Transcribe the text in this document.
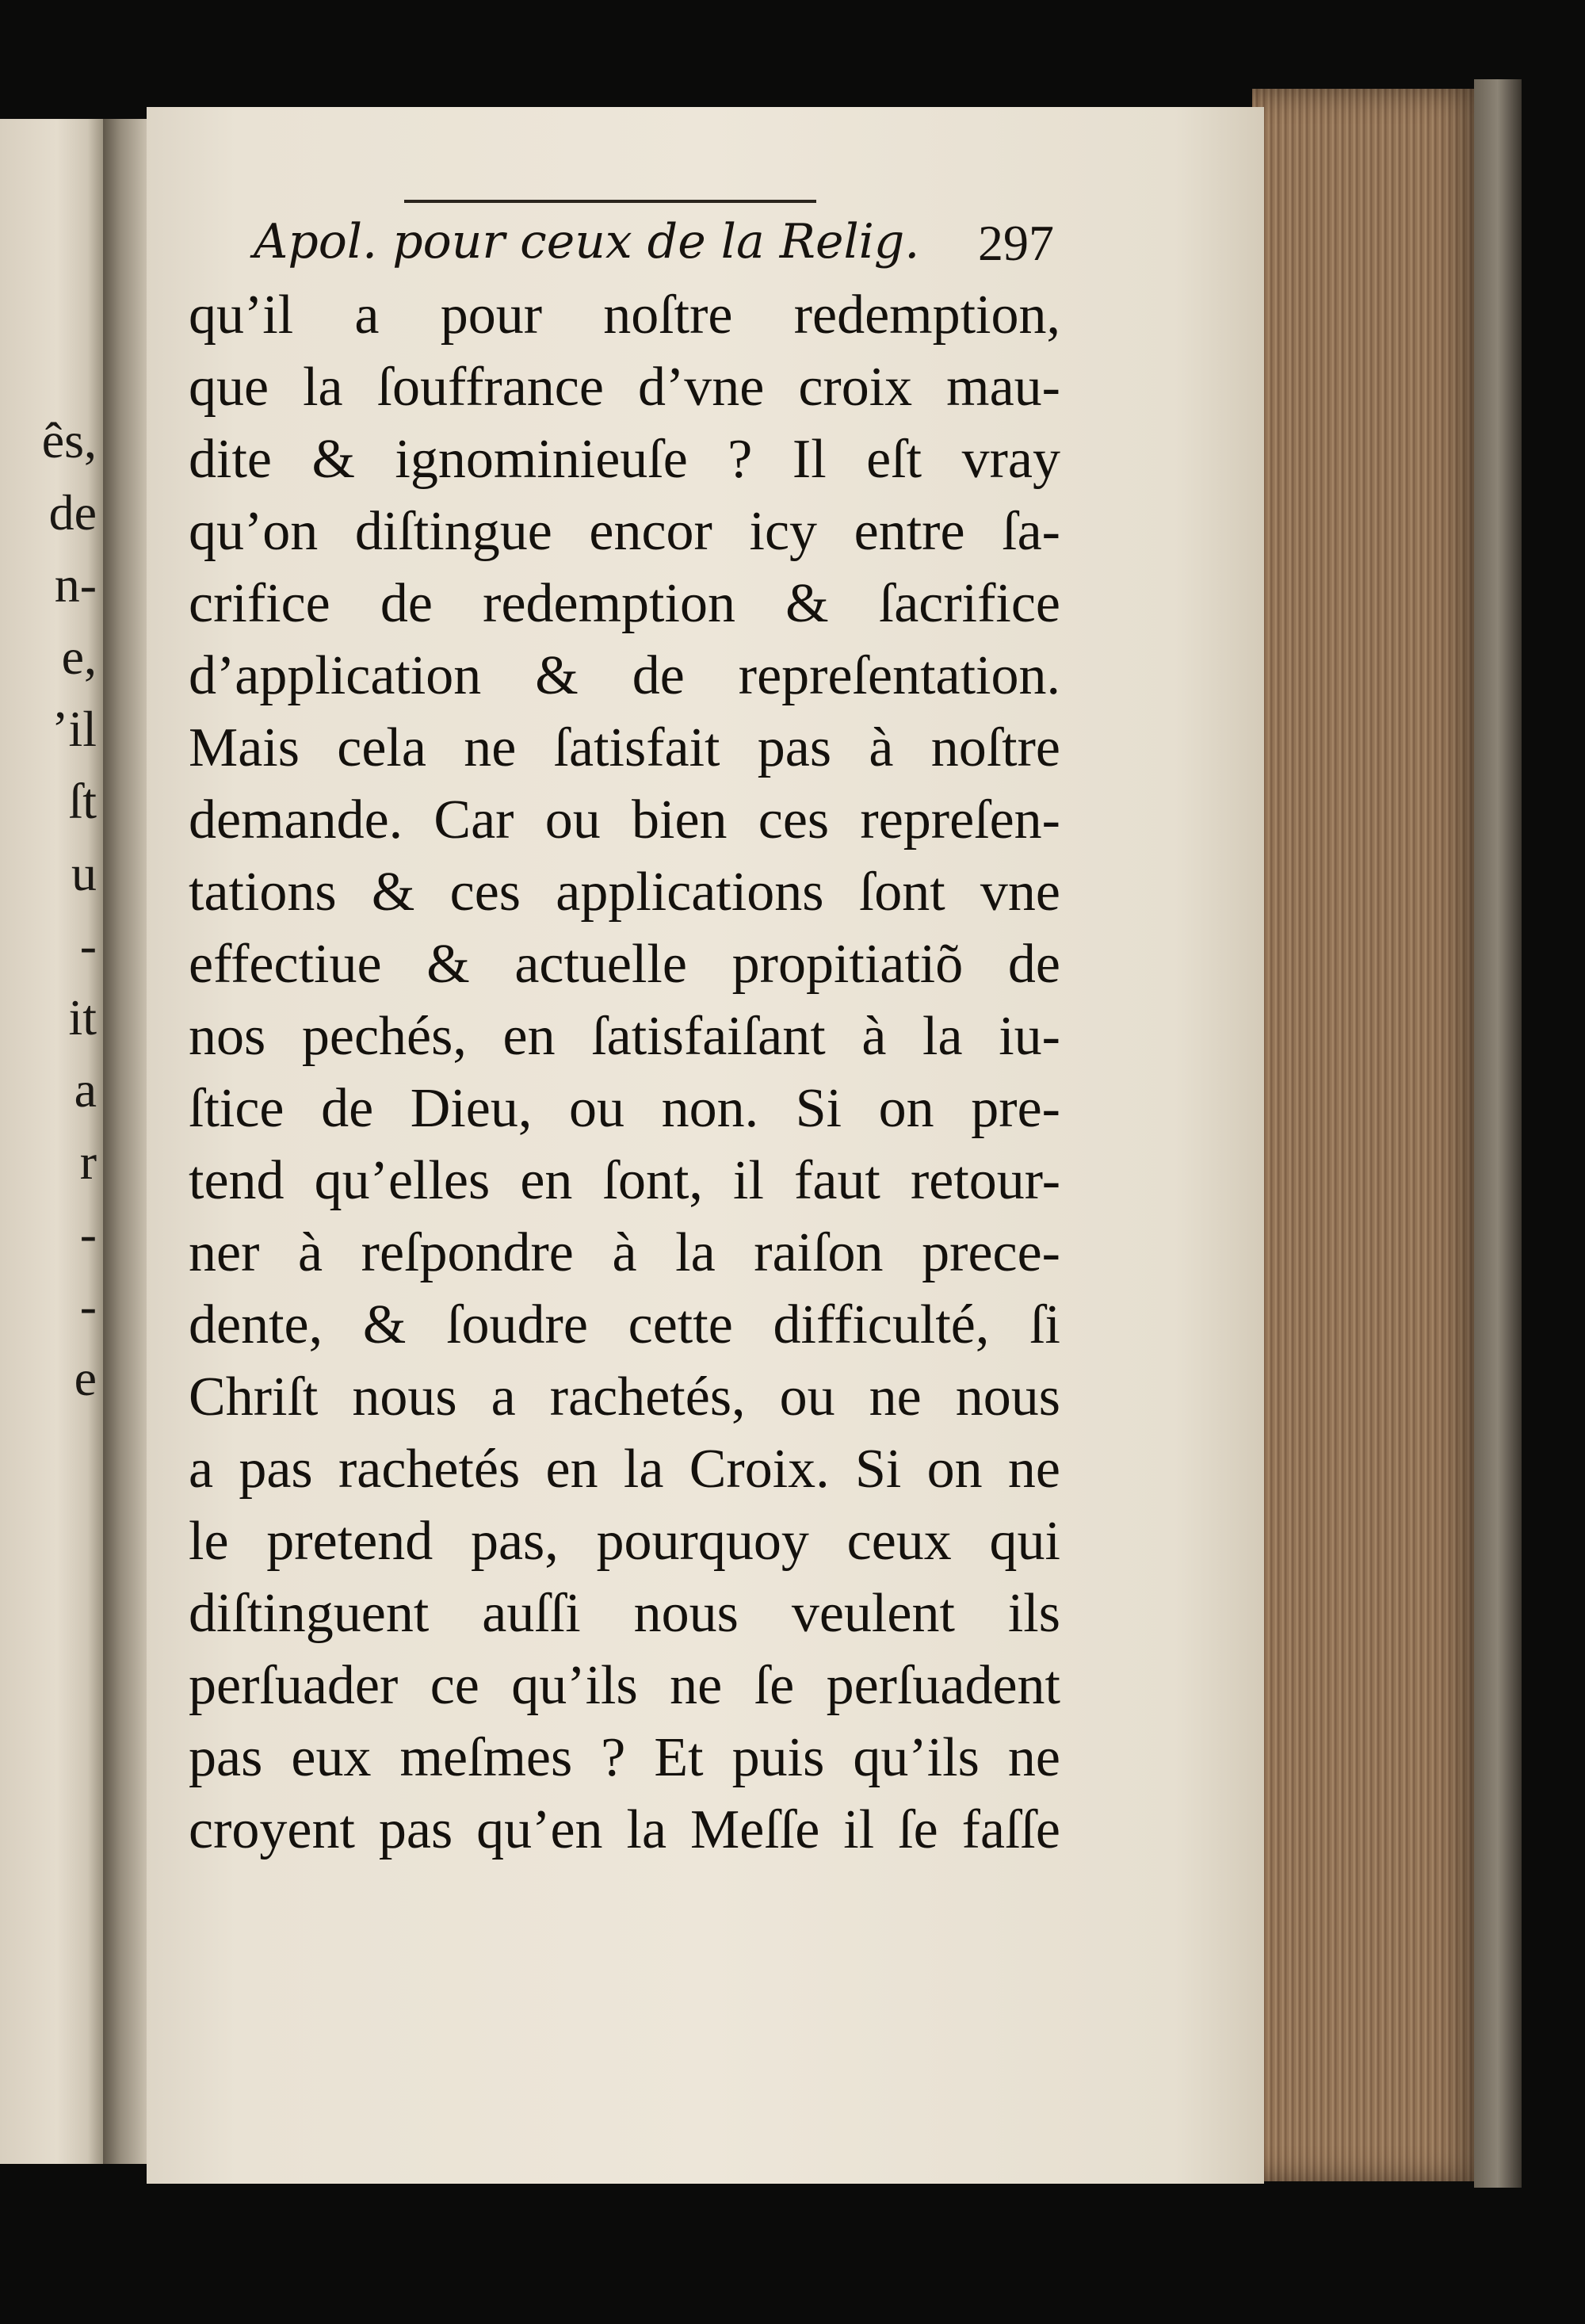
ês,
de
n-
e,
’il
ſt
u
-
it
a
r
-
-
e
Apol. pour ceux de la Relig. 297
qu’il a pour noſtre redemption,
que la ſouffrance d’vne croix mau-
dite & ignominieuſe ? Il eſt vray
qu’on diſtingue encor icy entre ſa-
crifice de redemption & ſacrifice
d’application & de repreſentation.
Mais cela ne ſatisfait pas à noſtre
demande. Car ou bien ces repreſen-
tations & ces applications ſont vne
effectiue & actuelle propitiatiõ de
nos pechés, en ſatisfaiſant à la iu-
ſtice de Dieu, ou non. Si on pre-
tend qu’elles en ſont, il faut retour-
ner à reſpondre à la raiſon prece-
dente, & ſoudre cette difficulté, ſi
Chriſt nous a rachetés, ou ne nous
a pas rachetés en la Croix. Si on ne
le pretend pas, pourquoy ceux qui
diſtinguent auſſi nous veulent ils
perſuader ce qu’ils ne ſe perſuadent
pas eux meſmes ? Et puis qu’ils ne
croyent pas qu’en la Meſſe il ſe faſſe
